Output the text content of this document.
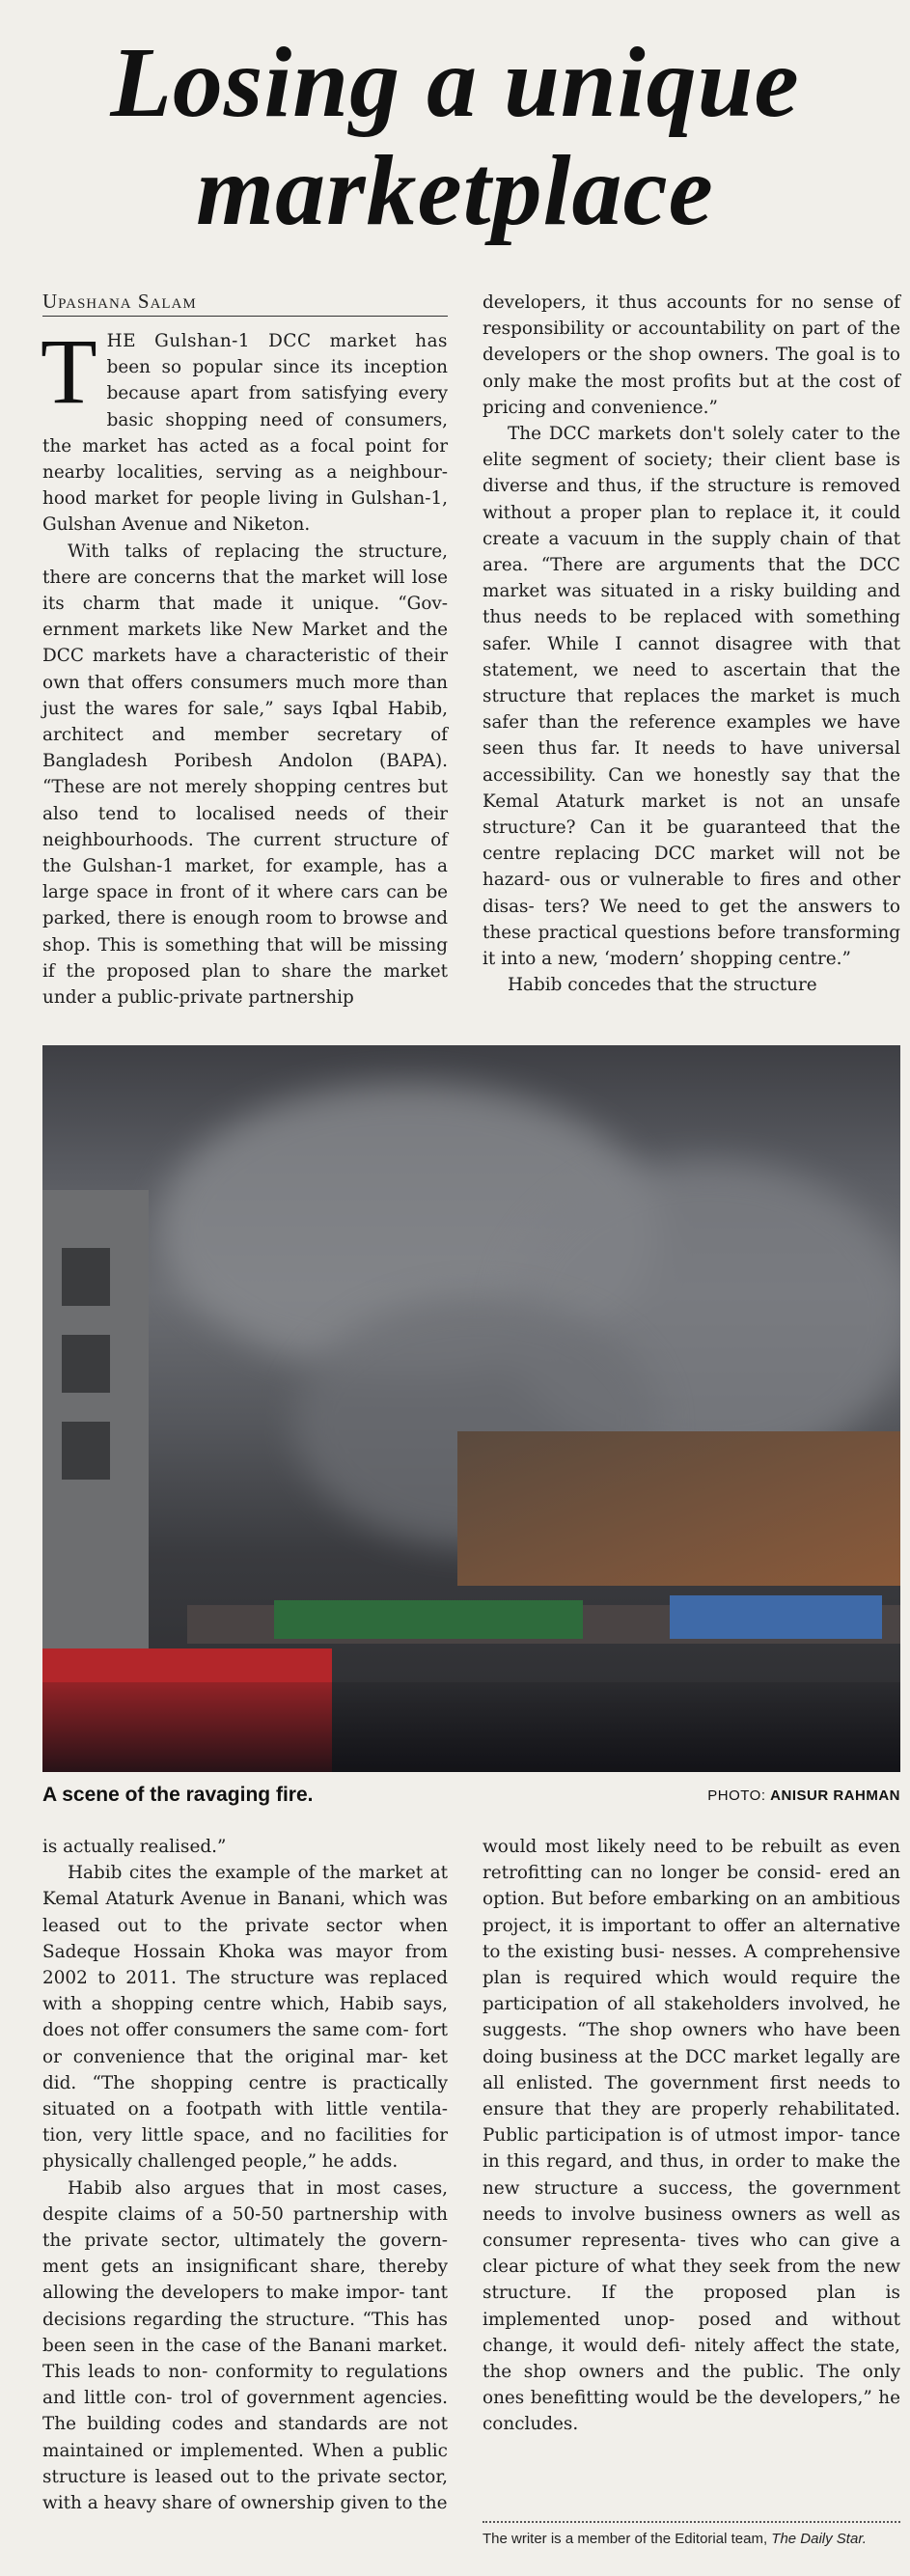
Losing a unique
marketplace
Upashana Salam

THE Gulshan-1 DCC market has been so popular since its inception because apart from satisfying every basic shopping need of consumers, the market has acted as a focal point for nearby localities, serving as a neighbour- hood market for people living in Gulshan-1, Gulshan Avenue and Niketon.

With talks of replacing the structure, there are concerns that the market will lose its charm that made it unique. “Gov- ernment markets like New Market and the DCC markets have a characteristic of their own that offers consumers much more than just the wares for sale,” says Iqbal Habib, architect and member secretary of Bangladesh Poribesh Andolon (BAPA). “These are not merely shopping centres but also tend to localised needs of their neighbourhoods. The current structure of the Gulshan-1 market, for example, has a large space in front of it where cars can be parked, there is enough room to browse and shop. This is something that will be missing if the proposed plan to share the market under a public-private partnership

developers, it thus accounts for no sense of responsibility or accountability on part of the developers or the shop owners. The goal is to only make the most profits but at the cost of pricing and convenience.”

The DCC markets don't solely cater to the elite segment of society; their client base is diverse and thus, if the structure is removed without a proper plan to replace it, it could create a vacuum in the supply chain of that area. “There are arguments that the DCC market was situated in a risky building and thus needs to be replaced with something safer. While I cannot disagree with that statement, we need to ascertain that the structure that replaces the market is much safer than the reference examples we have seen thus far. It needs to have universal accessibility. Can we honestly say that the Kemal Ataturk market is not an unsafe structure? Can it be guaranteed that the centre replacing DCC market will not be hazard- ous or vulnerable to fires and other disas- ters? We need to get the answers to these practical questions before transforming it into a new, ‘modern’ shopping centre.”

Habib concedes that the structure

A scene of the ravaging fire.	PHOTO: ANISUR RAHMAN

is actually realised.”

Habib cites the example of the market at Kemal Ataturk Avenue in Banani, which was leased out to the private sector when Sadeque Hossain Khoka was mayor from 2002 to 2011. The structure was replaced with a shopping centre which, Habib says, does not offer consumers the same com- fort or convenience that the original mar- ket did. “The shopping centre is practically situated on a footpath with little ventila- tion, very little space, and no facilities for physically challenged people,” he adds.

Habib also argues that in most cases, despite claims of a 50-50 partnership with the private sector, ultimately the govern- ment gets an insignificant share, thereby allowing the developers to make impor- tant decisions regarding the structure. “This has been seen in the case of the Banani market. This leads to non- conformity to regulations and little con- trol of government agencies. The building codes and standards are not maintained or implemented. When a public structure is leased out to the private sector, with a heavy share of ownership given to the

would most likely need to be rebuilt as even retrofitting can no longer be consid- ered an option. But before embarking on an ambitious project, it is important to offer an alternative to the existing busi- nesses. A comprehensive plan is required which would require the participation of all stakeholders involved, he suggests. “The shop owners who have been doing business at the DCC market legally are all enlisted. The government first needs to ensure that they are properly rehabilitated. Public participation is of utmost impor- tance in this regard, and thus, in order to make the new structure a success, the government needs to involve business owners as well as consumer representa- tives who can give a clear picture of what they seek from the new structure. If the proposed plan is implemented unop- posed and without change, it would defi- nitely affect the state, the shop owners and the public. The only ones benefitting would be the developers,” he concludes.

The writer is a member of the Editorial team, The Daily Star.
